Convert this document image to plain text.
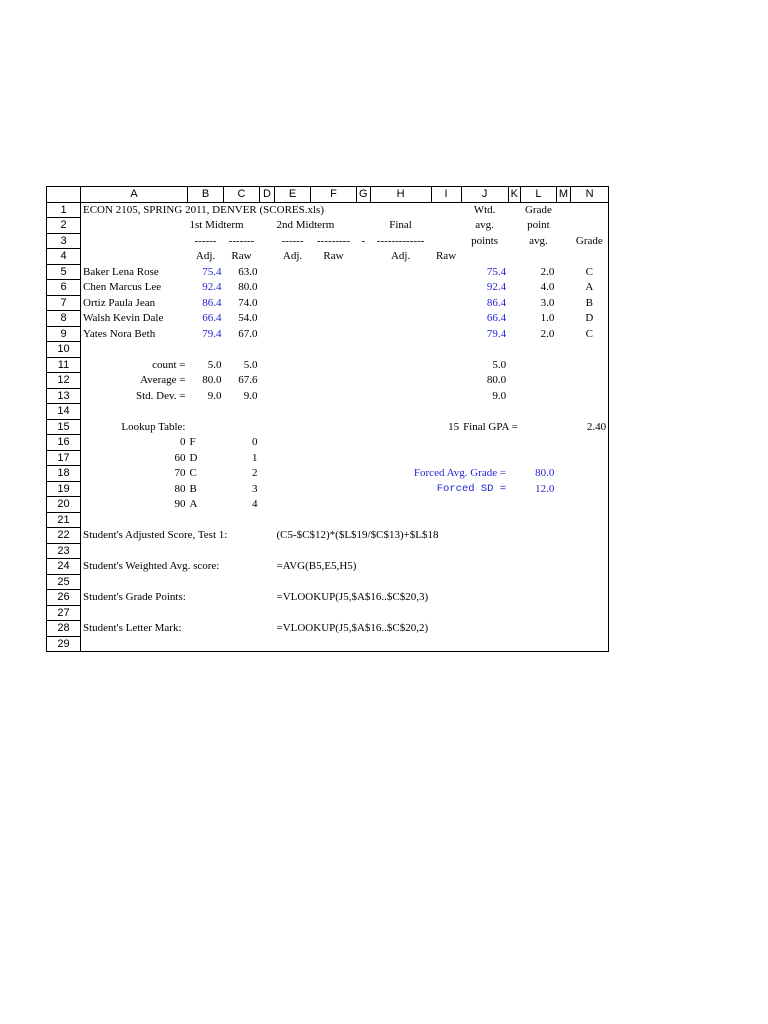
	A	B	C	D	E	F	G	H	I	J	K	L	M	N
1	ECON 2105, SPRING 2011, DENVER (SCORES.xls)									Wtd.		Grade		
2		1st Midterm			2nd Midterm			Final		avg.		point		
3		------	-------		------	---------	-	-------------		points		avg.		Grade
4		Adj.	Raw		Adj.	Raw		Adj.	Raw					
5	Baker Lena Rose	75.4	63.0							75.4		2.0		C
6	Chen Marcus Lee	92.4	80.0							92.4		4.0		A
7	Ortiz Paula Jean	86.4	74.0							86.4		3.0		B
8	Walsh Kevin Dale	66.4	54.0							66.4		1.0		D
9	Yates Nora Beth	79.4	67.0							79.4		2.0		C
10														
11	count =	5.0	5.0							5.0				
12	Average =	80.0	67.6							80.0				
13	Std. Dev. =	9.0	9.0							9.0				
14														
15	Lookup Table:								15	Final GPA =				2.40
16	0	F	0											
17	60	D	1											
18	70	C	2					Forced Avg. Grade =				80.0		
19	80	B	3					Forced SD =				12.0		
20	90	A	4											
21														
22	Student's Adjusted Score, Test 1:				(C5-$C$12)*($L$19/$C$13)+$L$18									
23														
24	Student's Weighted Avg. score:				=AVG(B5,E5,H5)									
25														
26	Student's Grade Points:				=VLOOKUP(J5,$A$16..$C$20,3)									
27														
28	Student's Letter Mark:				=VLOOKUP(J5,$A$16..$C$20,2)									
29														
